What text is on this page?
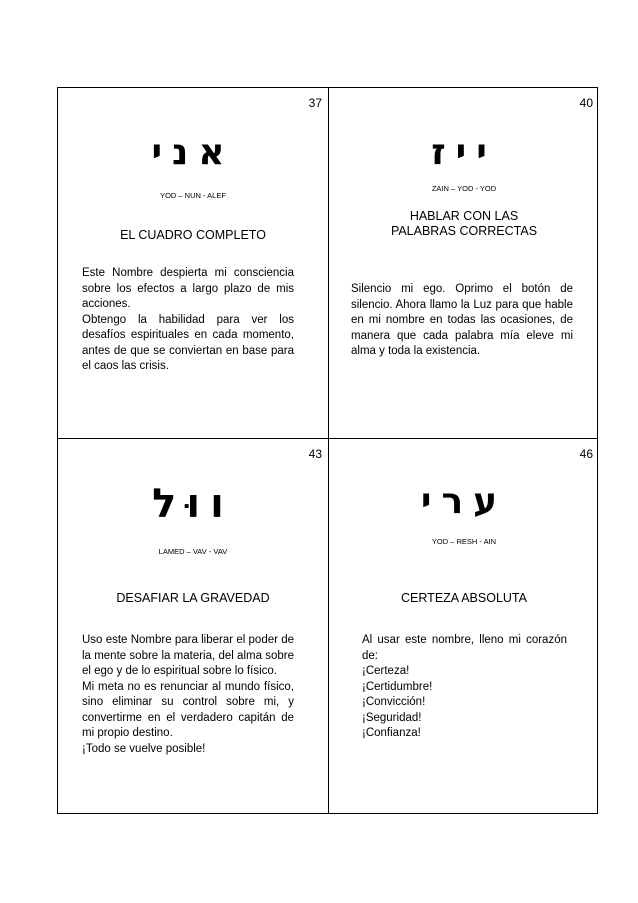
37
אני
YOD – NUN - ALEF
EL CUADRO COMPLETO

Este Nombre despierta mi consciencia sobre los efectos a largo plazo de mis acciones.

Obtengo la habilidad para ver los desafíos espirituales en cada momento, antes de que se conviertan en base para el caos las crisis.

40
ייז
ZAIN – YOD - YOD
HABLAR CON LAS PALABRAS CORRECTAS

Silencio mi ego. Oprimo el botón de silencio. Ahora llamo la Luz para que hable en mi nombre en todas las ocasiones, de manera que cada palabra mía eleve mi alma y toda la existencia.

43
ווּל
LAMED – VAV - VAV
DESAFIAR LA GRAVEDAD

Uso este Nombre para liberar el poder de la mente sobre la materia, del alma sobre el ego y de lo espiritual sobre lo físico.

Mi meta no es renunciar al mundo físico, sino eliminar su control sobre mi, y convertirme en el verdadero capitán de mi propio destino.

¡Todo se vuelve posible!

46
ערי
YOD – RESH - AIN
CERTEZA ABSOLUTA

Al usar este nombre, lleno mi corazón de:

¡Certeza!

¡Certidumbre!

¡Convicción!

¡Seguridad!

¡Confianza!
